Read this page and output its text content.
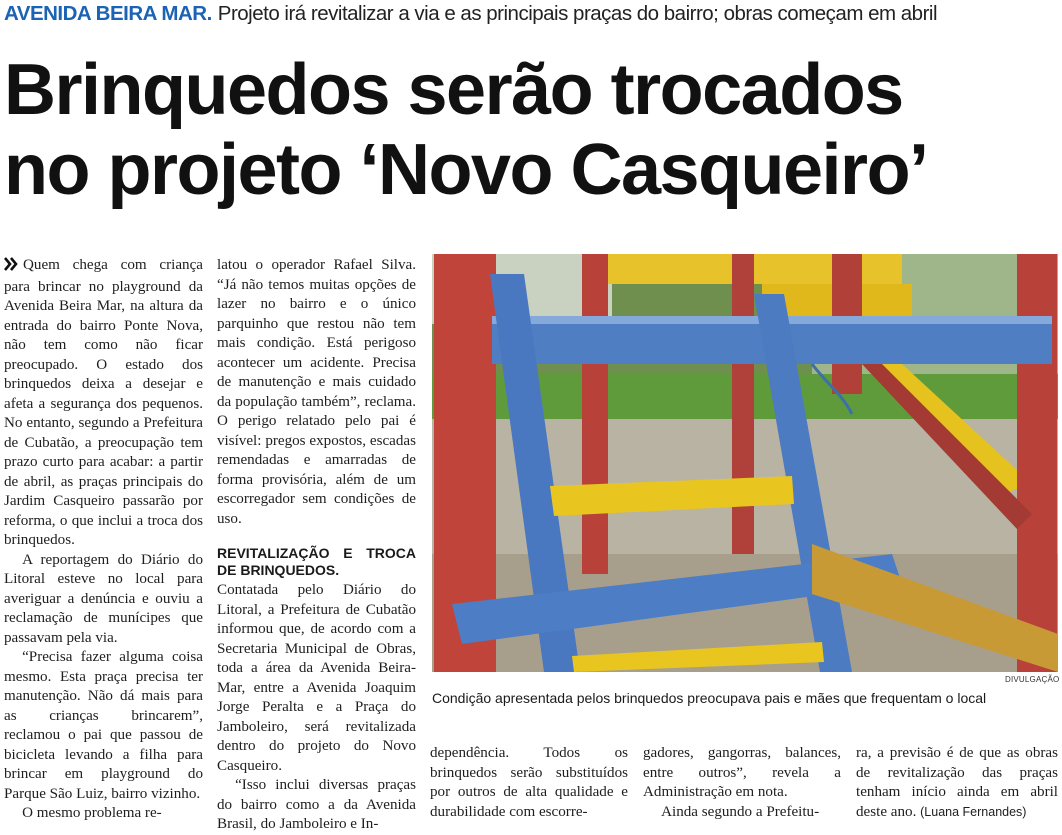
AVENIDA BEIRA MAR. Projeto irá revitalizar a via e as principais praças do bairro; obras começam em abril
Brinquedos serão trocados
no projeto ‘Novo Casqueiro’

Quem chega com criança para brincar no playground da Avenida Beira Mar, na altura da entrada do bairro Ponte Nova, não tem como não ficar preocupado. O estado dos brinquedos deixa a desejar e afeta a segurança dos pequenos. No entanto, segundo a Prefeitura de Cubatão, a preocupação tem prazo curto para acabar: a partir de abril, as praças principais do Jardim Casqueiro passarão por reforma, o que inclui a troca dos brinquedos.

A reportagem do Diário do Litoral esteve no local para averiguar a denúncia e ouviu a reclamação de munícipes que passavam pela via.

“Precisa fazer alguma coisa mesmo. Esta praça precisa ter manutenção. Não dá mais para as crianças brincarem”, reclamou o pai que passou de bicicleta levando a filha para brincar em playground do Parque São Luiz, bairro vizinho.

O mesmo problema re-

latou o operador Rafael Silva. “Já não temos muitas opções de lazer no bairro e o único parquinho que restou não tem mais condição. Está perigoso acontecer um acidente. Precisa de manutenção e mais cuidado da população também”, reclama. O perigo relatado pelo pai é visível: pregos expostos, escadas remendadas e amarradas de forma provisória, além de um escorregador sem condições de uso.

REVITALIZAÇÃO E TROCA DE BRINQUEDOS.

Contatada pelo Diário do Litoral, a Prefeitura de Cubatão informou que, de acordo com a Secretaria Municipal de Obras, toda a área da Avenida Beira-Mar, entre a Avenida Joaquim Jorge Peralta e a Praça do Jamboleiro, será revitalizada dentro do projeto do Novo Casqueiro.

“Isso inclui diversas praças do bairro como a da Avenida Brasil, do Jamboleiro e In-

DIVULGAÇÃO
Condição apresentada pelos brinquedos preocupava pais e mães que frequentam o local

dependência. Todos os brinquedos serão substituídos por outros de alta qualidade e durabilidade com escorre-

gadores, gangorras, balances, entre outros”, revela a Administração em nota.

Ainda segundo a Prefeitu-

ra, a previsão é de que as obras de revitalização das praças tenham início ainda em abril deste ano. (Luana Fernandes)
